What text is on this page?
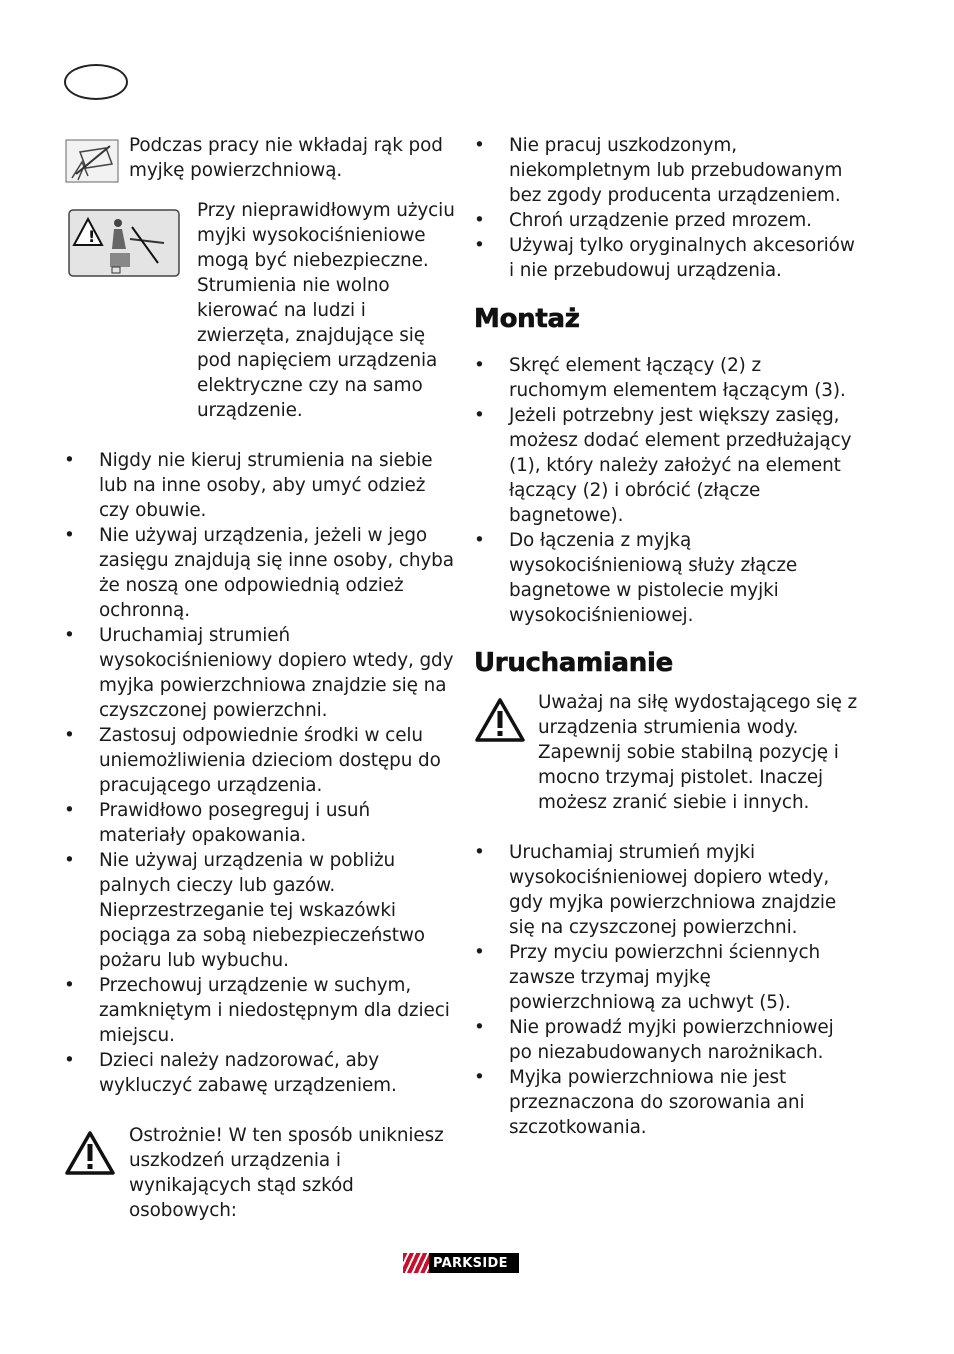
Podczas pracy nie wkładaj rąk pod myjkę powierzchniową.

!

Przy nieprawidłowym użyciu myjki wysokociśnieniowe mogą być niebezpieczne. Strumienia nie wolno kierować na ludzi i zwierzęta, znajdujące się pod napięciem urządzenia elektryczne czy na samo urządzenie.

• Nigdy nie kieruj strumienia na siebie lub na inne osoby, aby umyć odzież czy obuwie.
• Nie używaj urządzenia, jeżeli w jego zasięgu znajdują się inne osoby, chyba że noszą one odpowiednią odzież ochronną.
• Uruchamiaj strumień wysokociśnieniowy dopiero wtedy, gdy myjka powierzchniowa znajdzie się na czyszczonej powierzchni.
• Zastosuj odpowiednie środki w celu uniemożliwienia dzieciom dostępu do pracującego urządzenia.
• Prawidłowo posegreguj i usuń materiały opakowania.
• Nie używaj urządzenia w pobliżu palnych cieczy lub gazów. Nieprzestrzeganie tej wskazówki pociąga za sobą niebezpieczeństwo pożaru lub wybuchu.
• Przechowuj urządzenie w suchym, zamkniętym i niedostępnym dla dzieci miejscu.
• Dzieci należy nadzorować, aby wykluczyć zabawę urządzeniem.

Ostrożnie! W ten sposób unikniesz uszkodzeń urządzenia i wynikających stąd szkód osobowych:

• Nie pracuj uszkodzonym, niekompletnym lub przebudowanym bez zgody producenta urządzeniem.
• Chroń urządzenie przed mrozem.
• Używaj tylko oryginalnych akcesoriów i nie przebudowuj urządzenia.
Montaż
• Skręć element łączący (2) z ruchomym elementem łączącym (3).
• Jeżeli potrzebny jest większy zasięg, możesz dodać element przedłużający (1), który należy założyć na element łączący (2) i obrócić (złącze bagnetowe).
• Do łączenia z myjką wysokociśnieniową służy złącze bagnetowe w pistolecie myjki wysokociśnieniowej.
Uruchamianie

Uważaj na siłę wydostającego się z urządzenia strumienia wody. Zapewnij sobie stabilną pozycję i mocno trzymaj pistolet. Inaczej możesz zranić siebie i innych.

• Uruchamiaj strumień myjki wysokociśnieniowej dopiero wtedy, gdy myjka powierzchniowa znajdzie się na czyszczonej powierzchni.
• Przy myciu powierzchni ściennych zawsze trzymaj myjkę powierzchniową za uchwyt (5).
• Nie prowadź myjki powierzchniowej po niezabudowanych narożnikach.
• Myjka powierzchniowa nie jest przeznaczona do szorowania ani szczotkowania.
PARKSIDE
